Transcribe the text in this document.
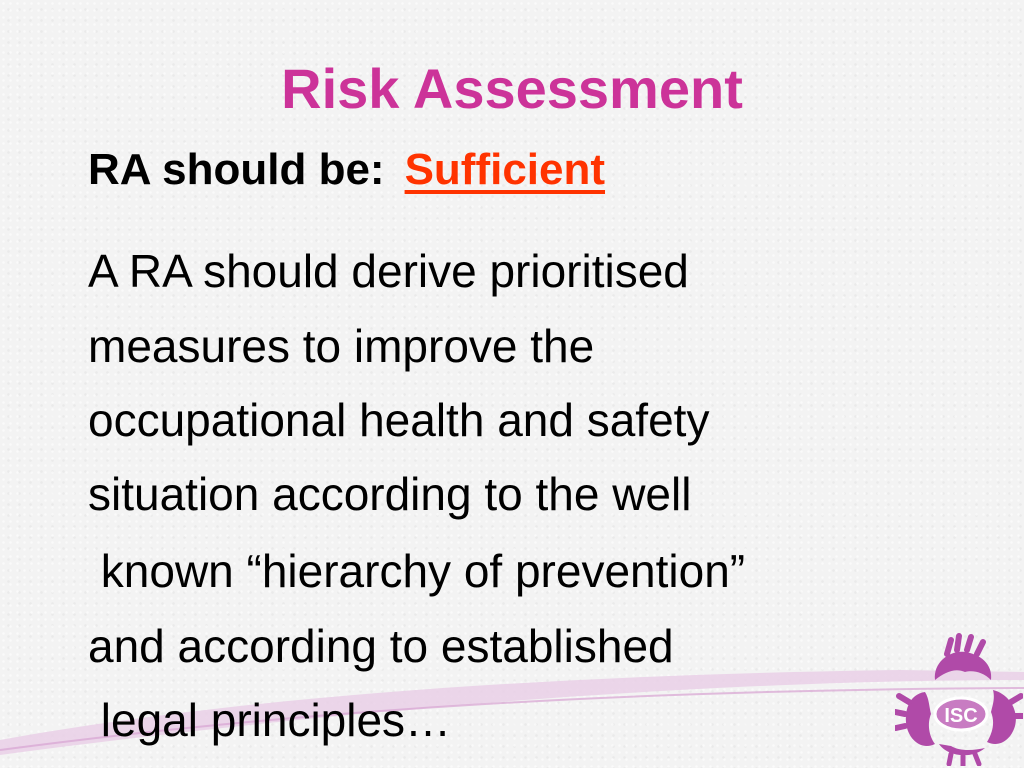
Risk Assessment
RA should be: Sufficient
A RA should derive prioritised
measures to improve the
occupational health and safety
situation according to the well
known “hierarchy of prevention”
and according to established
legal principles…	ISC
